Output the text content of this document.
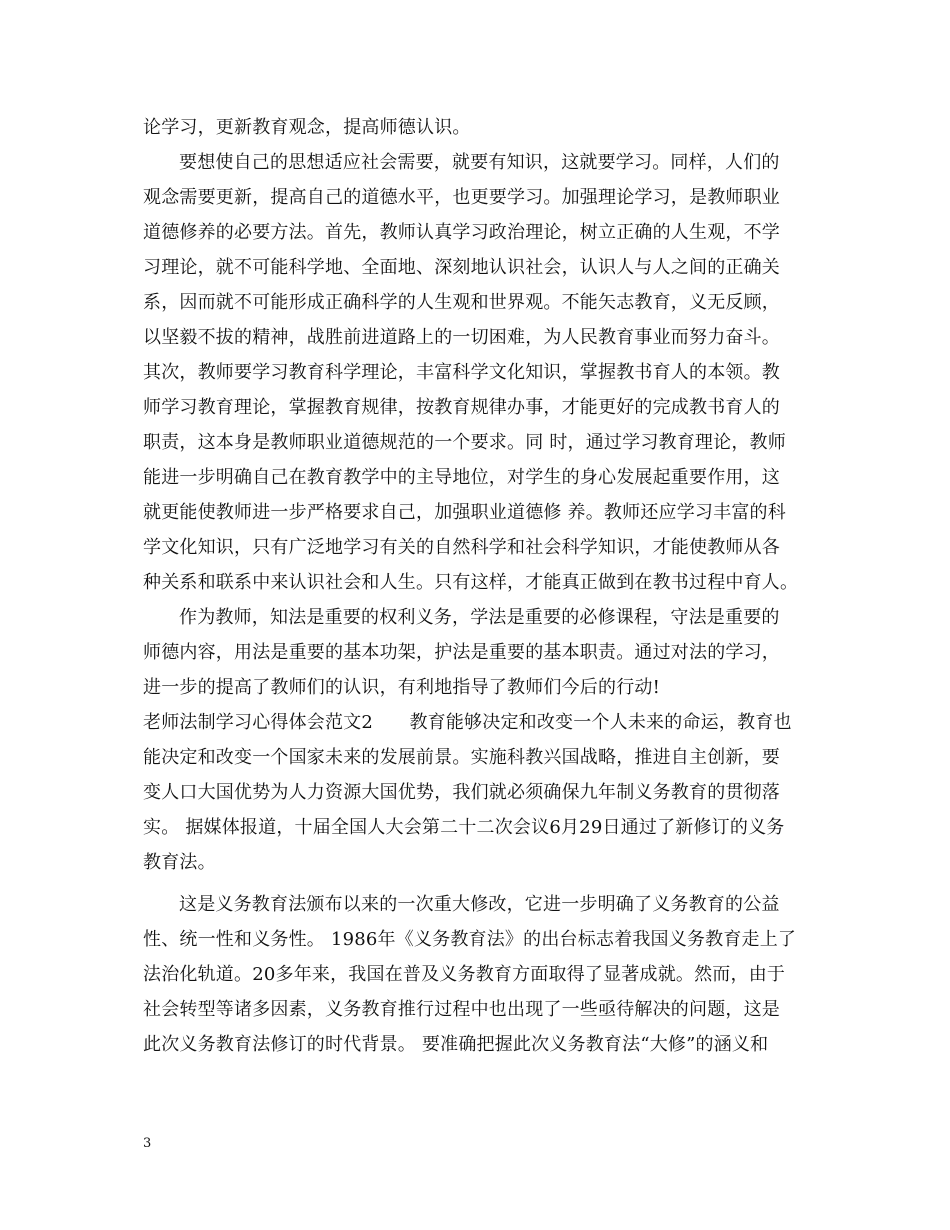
论学习，更新教育观念，提高师德认识。
要想使自己的思想适应社会需要，就要有知识，这就要学习。同样，人们的
观念需要更新，提高自己的道德水平，也更要学习。加强理论学习，是教师职业
道德修养的必要方法。首先，教师认真学习政治理论，树立正确的人生观，不学
习理论，就不可能科学地、全面地、深刻地认识社会，认识人与人之间的正确关
系，因而就不可能形成正确科学的人生观和世界观。不能矢志教育，义无反顾，
以坚毅不拔的精神，战胜前进道路上的一切困难，为人民教育事业而努力奋斗。
其次，教师要学习教育科学理论，丰富科学文化知识，掌握教书育人的本领。教
师学习教育理论，掌握教育规律，按教育规律办事，才能更好的完成教书育人的
职责，这本身是教师职业道德规范的一个要求。同 时，通过学习教育理论，教师
能进一步明确自己在教育教学中的主导地位，对学生的身心发展起重要作用，这
就更能使教师进一步严格要求自己，加强职业道德修 养。教师还应学习丰富的科
学文化知识，只有广泛地学习有关的自然科学和社会科学知识，才能使教师从各
种关系和联系中来认识社会和人生。只有这样，才能真正做到在教书过程中育人。
作为教师，知法是重要的权利义务，学法是重要的必修课程，守法是重要的
师德内容，用法是重要的基本功架，护法是重要的基本职责。通过对法的学习，
进一步的提高了教师们的认识，有利地指导了教师们今后的行动!
老师法制学习心得体会范文2　　教育能够决定和改变一个人未来的命运，教育也
能决定和改变一个国家未来的发展前景。实施科教兴国战略，推进自主创新，要
变人口大国优势为人力资源大国优势，我们就必须确保九年制义务教育的贯彻落
实。 据媒体报道，十届全国人大会第二十二次会议6月29日通过了新修订的义务
教育法。
这是义务教育法颁布以来的一次重大修改，它进一步明确了义务教育的公益
性、统一性和义务性。 1986年《义务教育法》的出台标志着我国义务教育走上了
法治化轨道。20多年来，我国在普及义务教育方面取得了显著成就。然而，由于
社会转型等诸多因素，义务教育推行过程中也出现了一些亟待解决的问题，这是
此次义务教育法修订的时代背景。 要准确把握此次义务教育法“大修”的涵义和
3
